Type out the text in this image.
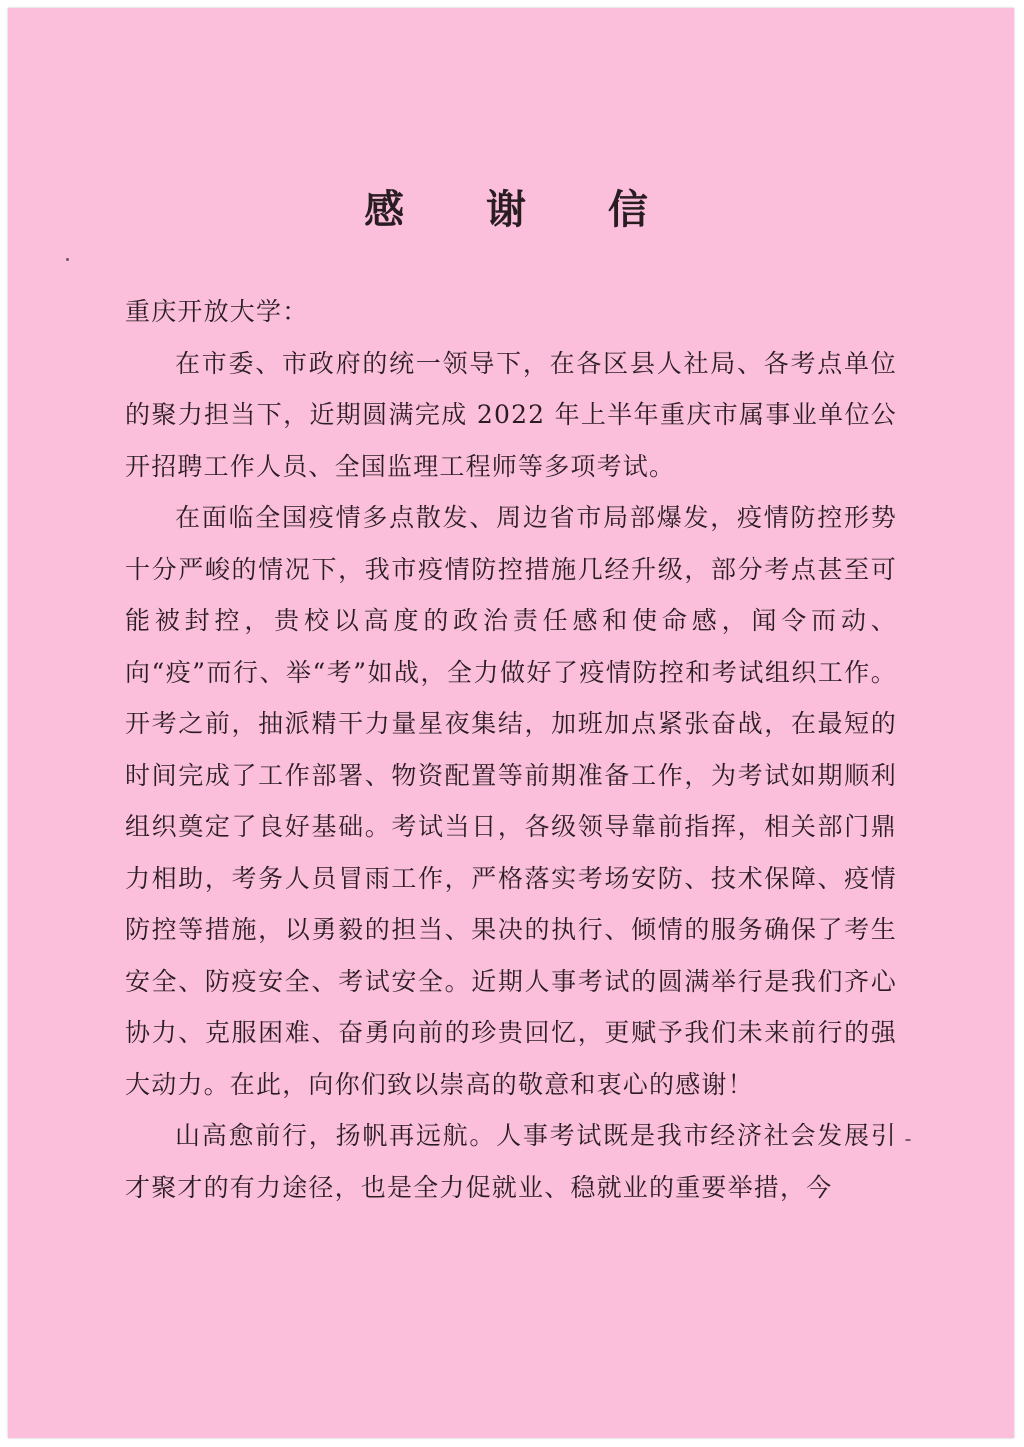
感 谢 信

重庆开放大学：

在市委、市政府的统一领导下，在各区县人社局、各考点单位的聚力担当下，近期圆满完成 2022 年上半年重庆市属事业单位公开招聘工作人员、全国监理工程师等多项考试。

在面临全国疫情多点散发、周边省市局部爆发，疫情防控形势十分严峻的情况下，我市疫情防控措施几经升级，部分考点甚至可能被封控，贵校以高度的政治责任感和使命感，闻令而动、向“疫”而行、举“考”如战，全力做好了疫情防控和考试组织工作。开考之前，抽派精干力量星夜集结，加班加点紧张奋战，在最短的时间完成了工作部署、物资配置等前期准备工作，为考试如期顺利组织奠定了良好基础。考试当日，各级领导靠前指挥，相关部门鼎力相助，考务人员冒雨工作，严格落实考场安防、技术保障、疫情防控等措施，以勇毅的担当、果决的执行、倾情的服务确保了考生安全、防疫安全、考试安全。近期人事考试的圆满举行是我们齐心协力、克服困难、奋勇向前的珍贵回忆，更赋予我们未来前行的强大动力。在此，向你们致以崇高的敬意和衷心的感谢！

山高愈前行，扬帆再远航。人事考试既是我市经济社会发展引才聚才的有力途径，也是全力促就业、稳就业的重要举措，今
